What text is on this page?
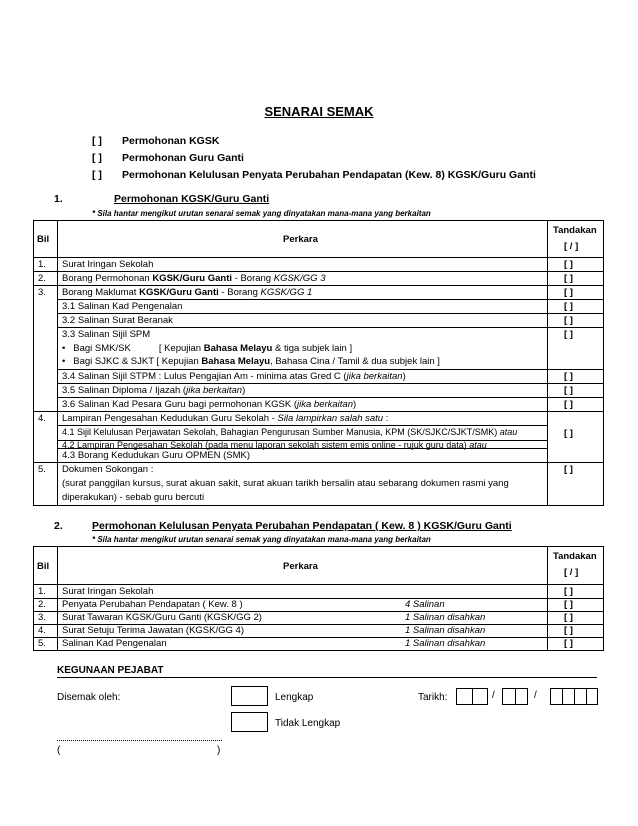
SENARAI SEMAK
[ ] Permohonan KGSK
[ ] Permohonan Guru Ganti
[ ] Permohonan Kelulusan Penyata Perubahan Pendapatan (Kew. 8) KGSK/Guru Ganti
1.	Permohonan KGSK/Guru Ganti
* Sila hantar mengikut urutan senarai semak yang dinyatakan mana-mana yang berkaitan
Bil	Perkara
Tandakan
[ / ]
1. Surat Iringan Sekolah	[ ]
2. Borang Permohonan KGSK/Guru Ganti - Borang KGSK/GG 3	[ ]
3. Borang Maklumat KGSK/Guru Ganti - Borang KGSK/GG 1	[ ]
3.1 Salinan Kad Pengenalan	[ ]
3.2 Salinan Surat Beranak	[ ]
3.3 Salinan Sijil SPM	[ ]
•   Bagi SMK/SK	[ Kepujian Bahasa Melayu & tiga subjek lain ]
•   Bagi SJKC & SJKT [ Kepujian Bahasa Melayu, Bahasa Cina / Tamil & dua subjek lain ]
3.4 Salinan Sijil STPM : Lulus Pengajian Am - minima atas Gred C (jika berkaitan)	[ ]
3.5 Salinan Diploma / Ijazah (jika berkaitan)	[ ]
3.6 Salinan Kad Pesara Guru bagi permohonan KGSK (jika berkaitan)	[ ]
4. Lampiran Pengesahan Kedudukan Guru Sekolah - Sila lampirkan salah satu :
4.1 Sijil Kelulusan Perjawatan Sekolah, Bahagian Pengurusan Sumber Manusia, KPM (SK/SJKC/SJKT/SMK) atau	[ ]
4.2 Lampiran Pengesahan Sekolah (pada menu laporan sekolah sistem emis online - rujuk guru data) atau
4.3 Borang Kedudukan Guru OPMEN (SMK)
5. Dokumen Sokongan :	[ ]
(surat panggilan kursus, surat akuan sakit, surat akuan tarikh bersalin atau sebarang dokumen rasmi yang
diperakukan) - sebab guru bercuti
2.	Permohonan Kelulusan Penyata Perubahan Pendapatan ( Kew. 8 ) KGSK/Guru Ganti
* Sila hantar mengikut urutan senarai semak yang dinyatakan mana-mana yang berkaitan
Bil	Perkara
Tandakan
[ / ]
1. Surat Iringan Sekolah	[ ]
2. Penyata Perubahan Pendapatan ( Kew. 8 )	4 Salinan	[ ]
3. Surat Tawaran KGSK/Guru Ganti (KGSK/GG 2)	1 Salinan disahkan	[ ]
4. Surat Setuju Terima Jawatan (KGSK/GG 4)	1 Salinan disahkan	[ ]
5. Salinan Kad Pengenalan	1 Salinan disahkan	[ ]
KEGUNAAN PEJABAT
Disemak oleh:	Lengkap
Tidak Lengkap
Tarikh:	/	/
(	)
